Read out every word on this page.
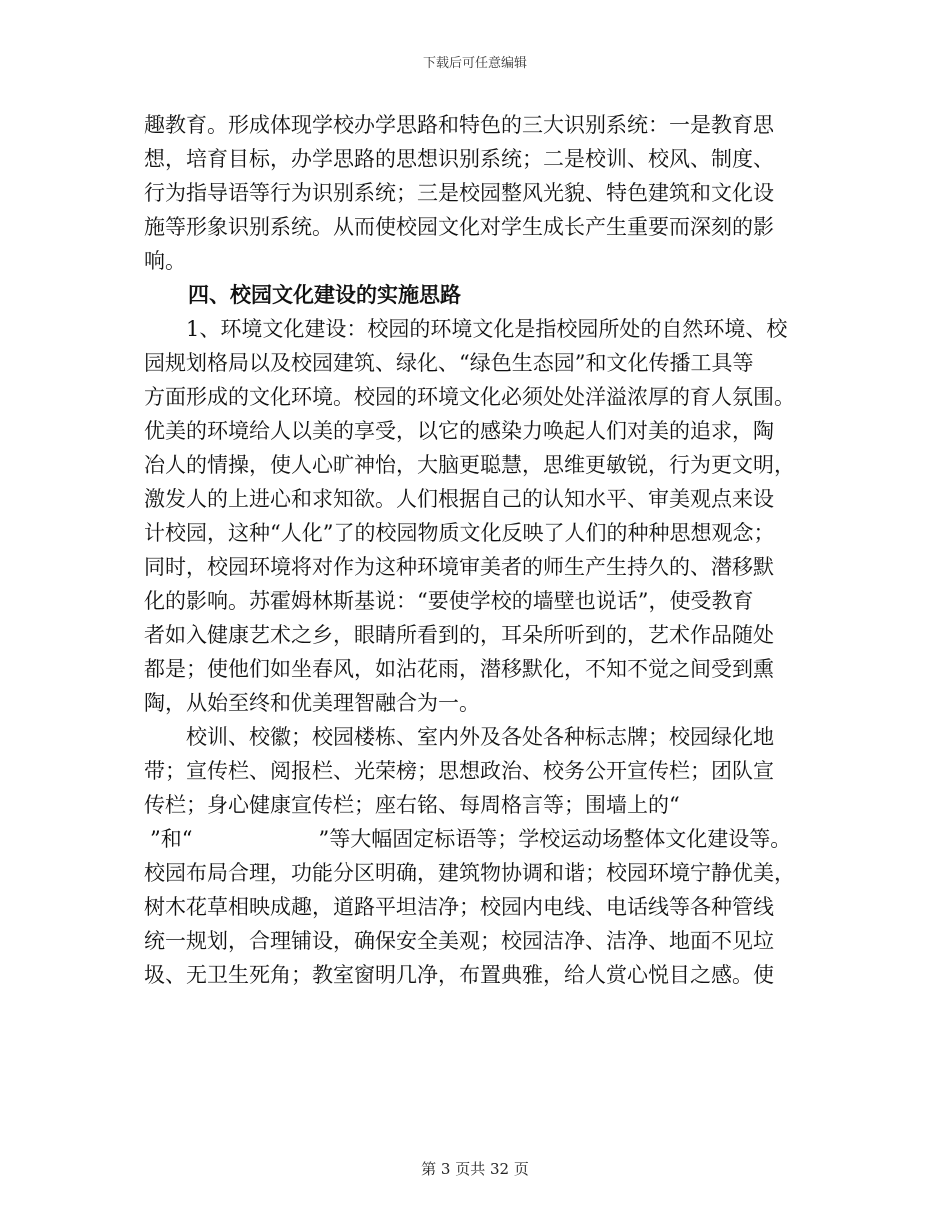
下载后可任意编辑
趣教育。形成体现学校办学思路和特色的三大识别系统：一是教育思
想，培育目标，办学思路的思想识别系统；二是校训、校风、制度、
行为指导语等行为识别系统；三是校园整风光貌、特色建筑和文化设
施等形象识别系统。从而使校园文化对学生成长产生重要而深刻的影
响。
四、校园文化建设的实施思路
1、环境文化建设：校园的环境文化是指校园所处的自然环境、校
园规划格局以及校园建筑、绿化、“绿色生态园”和文化传播工具等
方面形成的文化环境。校园的环境文化必须处处洋溢浓厚的育人氛围。
优美的环境给人以美的享受，以它的感染力唤起人们对美的追求，陶
冶人的情操，使人心旷神怡，大脑更聪慧，思维更敏锐，行为更文明，
激发人的上进心和求知欲。人们根据自己的认知水平、审美观点来设
计校园，这种“人化”了的校园物质文化反映了人们的种种思想观念；
同时，校园环境将对作为这种环境审美者的师生产生持久的、潜移默
化的影响。苏霍姆林斯基说：“要使学校的墙壁也说话”，使受教育
者如入健康艺术之乡，眼睛所看到的，耳朵所听到的，艺术作品随处
都是；使他们如坐春风，如沾花雨，潜移默化，不知不觉之间受到熏
陶，从始至终和优美理智融合为一。
校训、校徽；校园楼栋、室内外及各处各种标志牌；校园绿化地
带；宣传栏、阅报栏、光荣榜；思想政治、校务公开宣传栏；团队宣
传栏；身心健康宣传栏；座右铭、每周格言等；围墙上的“
”和“　　　　　　”等大幅固定标语等；学校运动场整体文化建设等。
校园布局合理，功能分区明确，建筑物协调和谐；校园环境宁静优美，
树木花草相映成趣，道路平坦洁净；校园内电线、电话线等各种管线
统一规划，合理铺设，确保安全美观；校园洁净、洁净、地面不见垃
圾、无卫生死角；教室窗明几净，布置典雅，给人赏心悦目之感。使
第 3 页共 32 页
